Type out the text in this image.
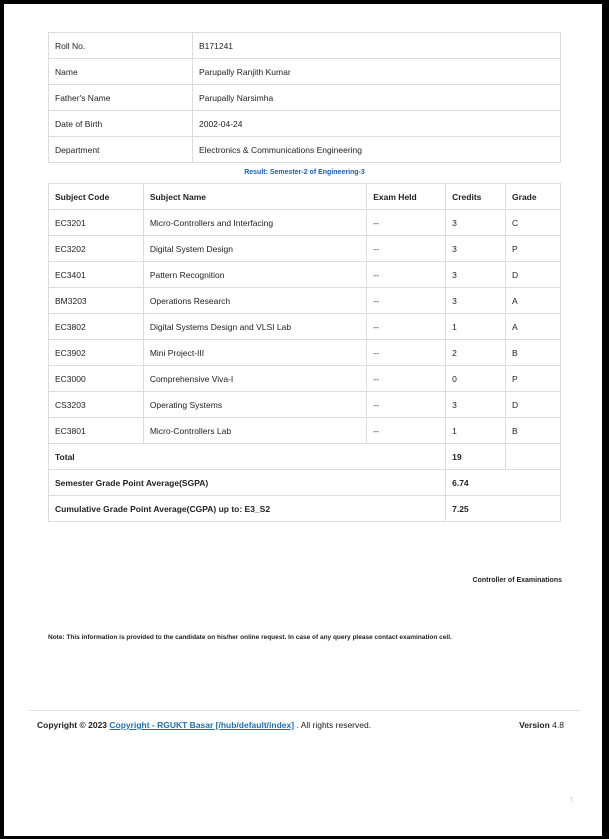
Roll No.	B171241
Name	Parupally Ranjith Kumar
Father's Name	Parupally Narsimha
Date of Birth	2002-04-24
Department	Electronics & Communications Engineering
Result: Semester-2 of Engineering-3
Subject Code	Subject Name	Exam Held	Credits	Grade
EC3201	Micro-Controllers and Interfacing	--	3	C
EC3202	Digital System Design	--	3	P
EC3401	Pattern Recognition	--	3	D
BM3203	Operations Research	--	3	A
EC3802	Digital Systems Design and VLSI Lab	--	1	A
EC3902	Mini Project-III	--	2	B
EC3000	Comprehensive Viva-I	--	0	P
CS3203	Operating Systems	--	3	D
EC3801	Micro-Controllers Lab	--	1	B
Total			19	
Semester Grade Point Average(SGPA)			6.74	
Cumulative Grade Point Average(CGPA) up to: E3_S2			7.25	
Controller of Examinations
Note: This information is provided to the candidate on his/her online request. In case of any query please contact examination cell.
Copyright © 2023 Copyright - RGUKT Basar [/hub/default/index] . All rights reserved.	Version 4.8
↑
